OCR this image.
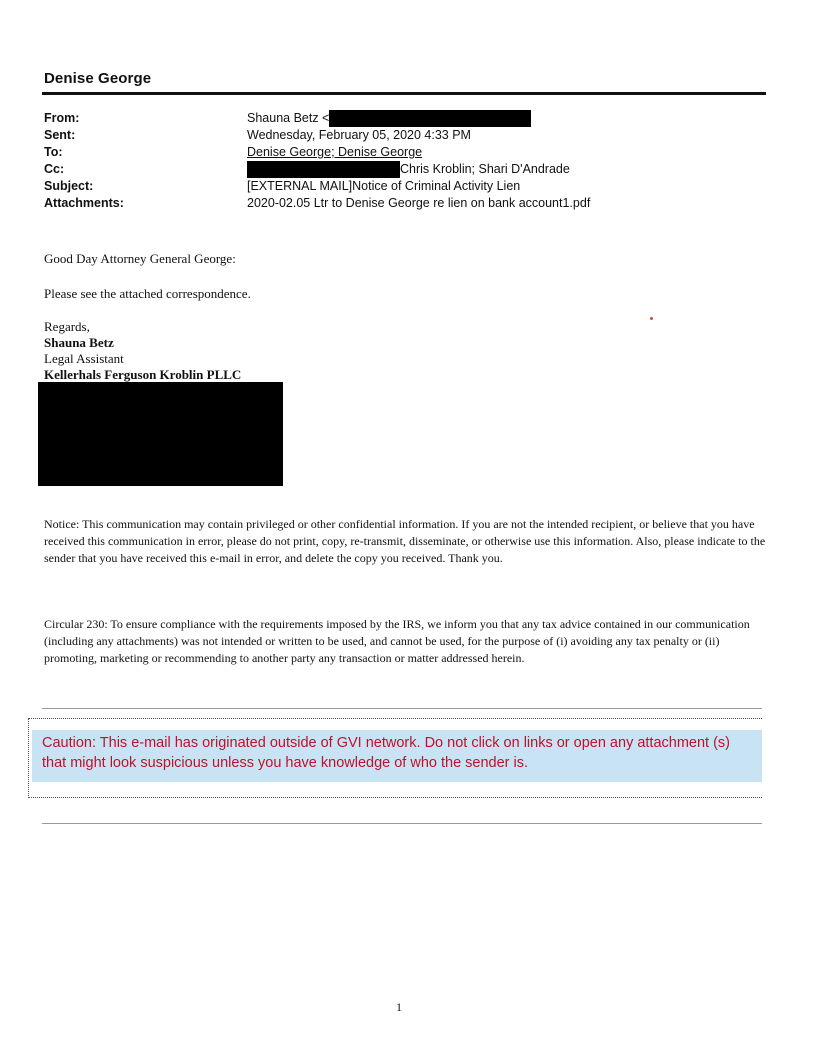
Denise George
From:	Shauna Betz <
Sent:	Wednesday, February 05, 2020 4:33 PM
To:	Denise George; Denise George
Cc:	Chris Kroblin; Shari D'Andrade
Subject:	[EXTERNAL MAIL]Notice of Criminal Activity Lien
Attachments:	2020-02.05 Ltr to Denise George re lien on bank account1.pdf
Good Day Attorney General George:
Please see the attached correspondence.
Regards,
Shauna Betz
Legal Assistant
Kellerhals Ferguson Kroblin PLLC
Notice: This communication may contain privileged or other confidential information. If you are not the intended recipient, or believe that you have received this communication in error, please do not print, copy, re-transmit, disseminate, or otherwise use this information. Also, please indicate to the sender that you have received this e-mail in error, and delete the copy you received. Thank you.
Circular 230: To ensure compliance with the requirements imposed by the IRS, we inform you that any tax advice contained in our communication (including any attachments) was not intended or written to be used, and cannot be used, for the purpose of (i) avoiding any tax penalty or (ii) promoting, marketing or recommending to another party any transaction or matter addressed herein.
Caution: This e-mail has originated outside of GVI network. Do not click on links or open any attachment (s) that might look suspicious unless you have knowledge of who the sender is.
1
